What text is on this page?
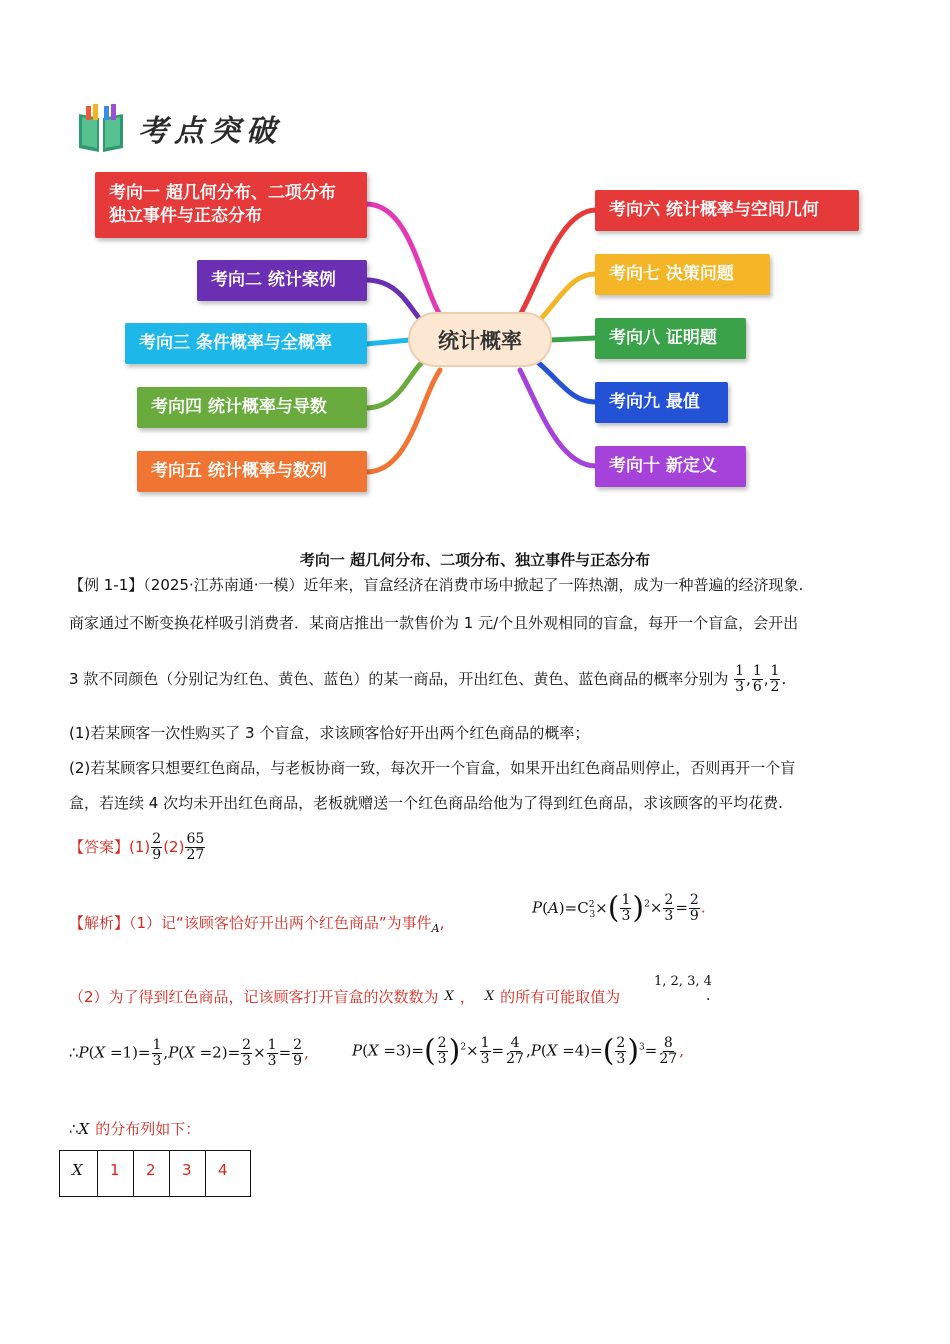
考点突破
考向一 超几何分布、二项分布
独立事件与正态分布
考向二 统计案例
考向三 条件概率与全概率
考向四 统计概率与导数
考向五 统计概率与数列
统计概率
考向六 统计概率与空间几何
考向七 决策问题
考向八 证明题
考向九 最值
考向十 新定义
考向一 超几何分布、二项分布、独立事件与正态分布
【例 1-1】（2025·江苏南通·一模）近年来，盲盒经济在消费市场中掀起了一阵热潮，成为一种普遍的经济现象.
商家通过不断变换花样吸引消费者．某商店推出一款售价为 1 元/个且外观相同的盲盒，每开一个盲盒，会开出
3 款不同颜色（分别记为红色、黄色、蓝色）的某一商品，开出红色、黄色、蓝色商品的概率分别为 $\frac{1}{3}$ , $\frac{1}{6}$ , $\frac{1}{2}$ .
(1)若某顾客一次性购买了 3 个盲盒，求该顾客恰好开出两个红色商品的概率；
(2)若某顾客只想要红色商品，与老板协商一致，每次开一个盲盒，如果开出红色商品则停止，否则再开一个盲
盒，若连续 4 次均未开出红色商品，老板就赠送一个红色商品给他为了得到红色商品，求该顾客的平均花费.
【答案】$(1) \frac{2}{9} (2) \frac{65}{27}$
【解析】（1）记“该顾客恰好开出两个红色商品”为事件$_A$,
$P(A)=C^2_3\times( \frac{1}{3} )^2\times \frac{2}{3} = \frac{2}{9}$ .
（2）为了得到红色商品，记该顾客打开盲盒的次数数为 X ， X 的所有可能取值为
1, 2, 3, 4
.
∴P(X $=1)= \frac{1}{3} ,P(X =2)= \frac{2}{3} \times \frac{1}{3} = \frac{2}{9}$ ,	$P(X =3)=( \frac{2}{3} )^2\times \frac{1}{3} = \frac{4}{27} ,P(X =4)=( \frac{2}{3} )^3= \frac{8}{27}$ ,
∴X 的分布列如下：
X	1	2	3	4
